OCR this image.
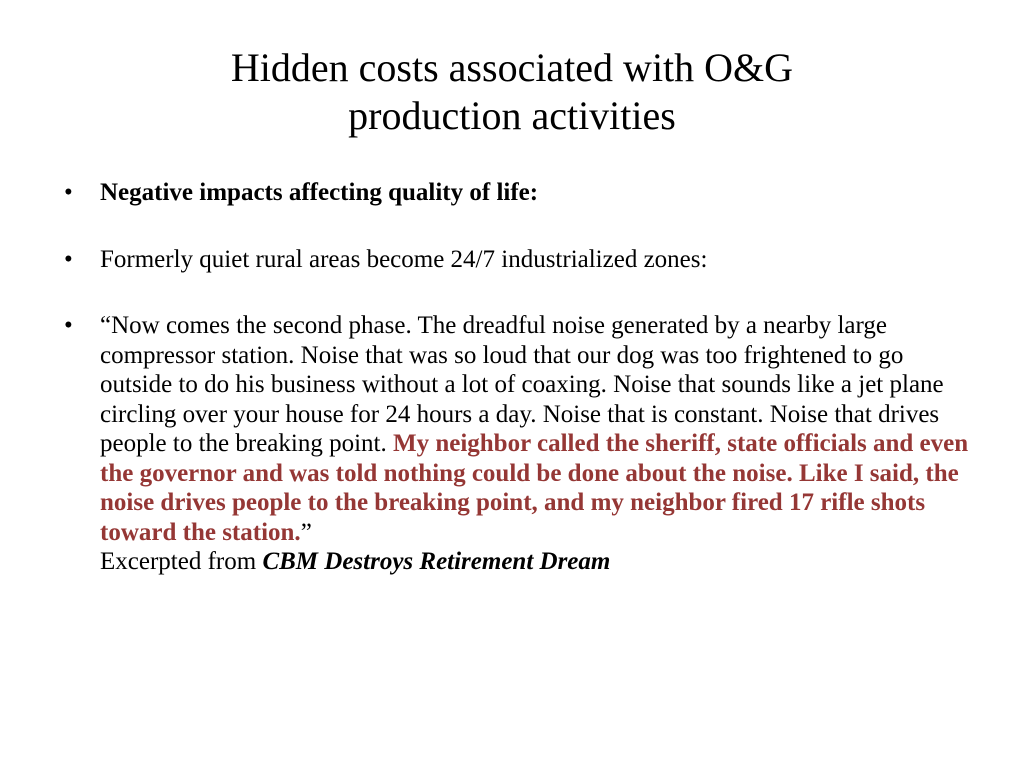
Hidden costs associated with O&G
production activities
• Negative impacts affecting quality of life:
• Formerly quiet rural areas become 24/7 industrialized zones:
• “Now comes the second phase. The dreadful noise generated by a nearby large compressor station. Noise that was so loud that our dog was too frightened to go outside to do his business without a lot of coaxing. Noise that sounds like a jet plane circling over your house for 24 hours a day. Noise that is constant. Noise that drives people to the breaking point. My neighbor called the sheriff, state officials and even the governor and was told nothing could be done about the noise. Like I said, the noise drives people to the breaking point, and my neighbor fired 17 rifle shots toward the station.”
Excerpted from CBM Destroys Retirement Dream
